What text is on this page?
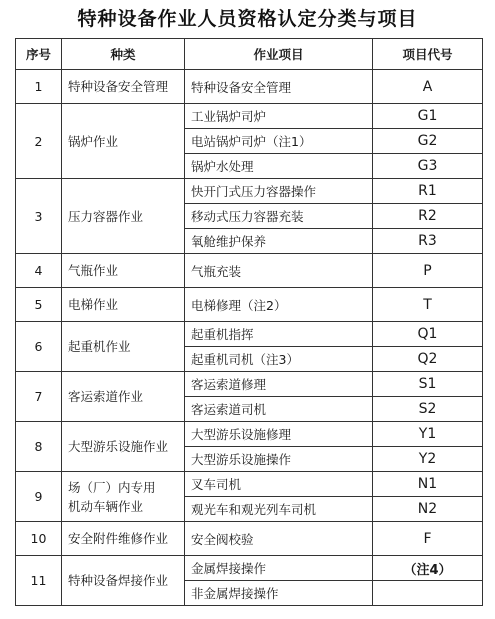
特种设备作业人员资格认定分类与项目
序号	种类	作业项目	项目代号
1	特种设备安全管理	特种设备安全管理	A
2	锅炉作业	工业锅炉司炉	G1
		电站锅炉司炉（注1）	G2
		锅炉水处理	G3
3	压力容器作业	快开门式压力容器操作	R1
		移动式压力容器充装	R2
		氧舱维护保养	R3
4	气瓶作业	气瓶充装	P
5	电梯作业	电梯修理（注2）	T
6	起重机作业	起重机指挥	Q1
		起重机司机（注3）	Q2
7	客运索道作业	客运索道修理	S1
		客运索道司机	S2
8	大型游乐设施作业	大型游乐设施修理	Y1
		大型游乐设施操作	Y2
9	场（厂）内专用
机动车辆作业	叉车司机	N1
		观光车和观光列车司机	N2
10	安全附件维修作业	安全阀校验	F
11	特种设备焊接作业	金属焊接操作	（注4）
		非金属焊接操作	
